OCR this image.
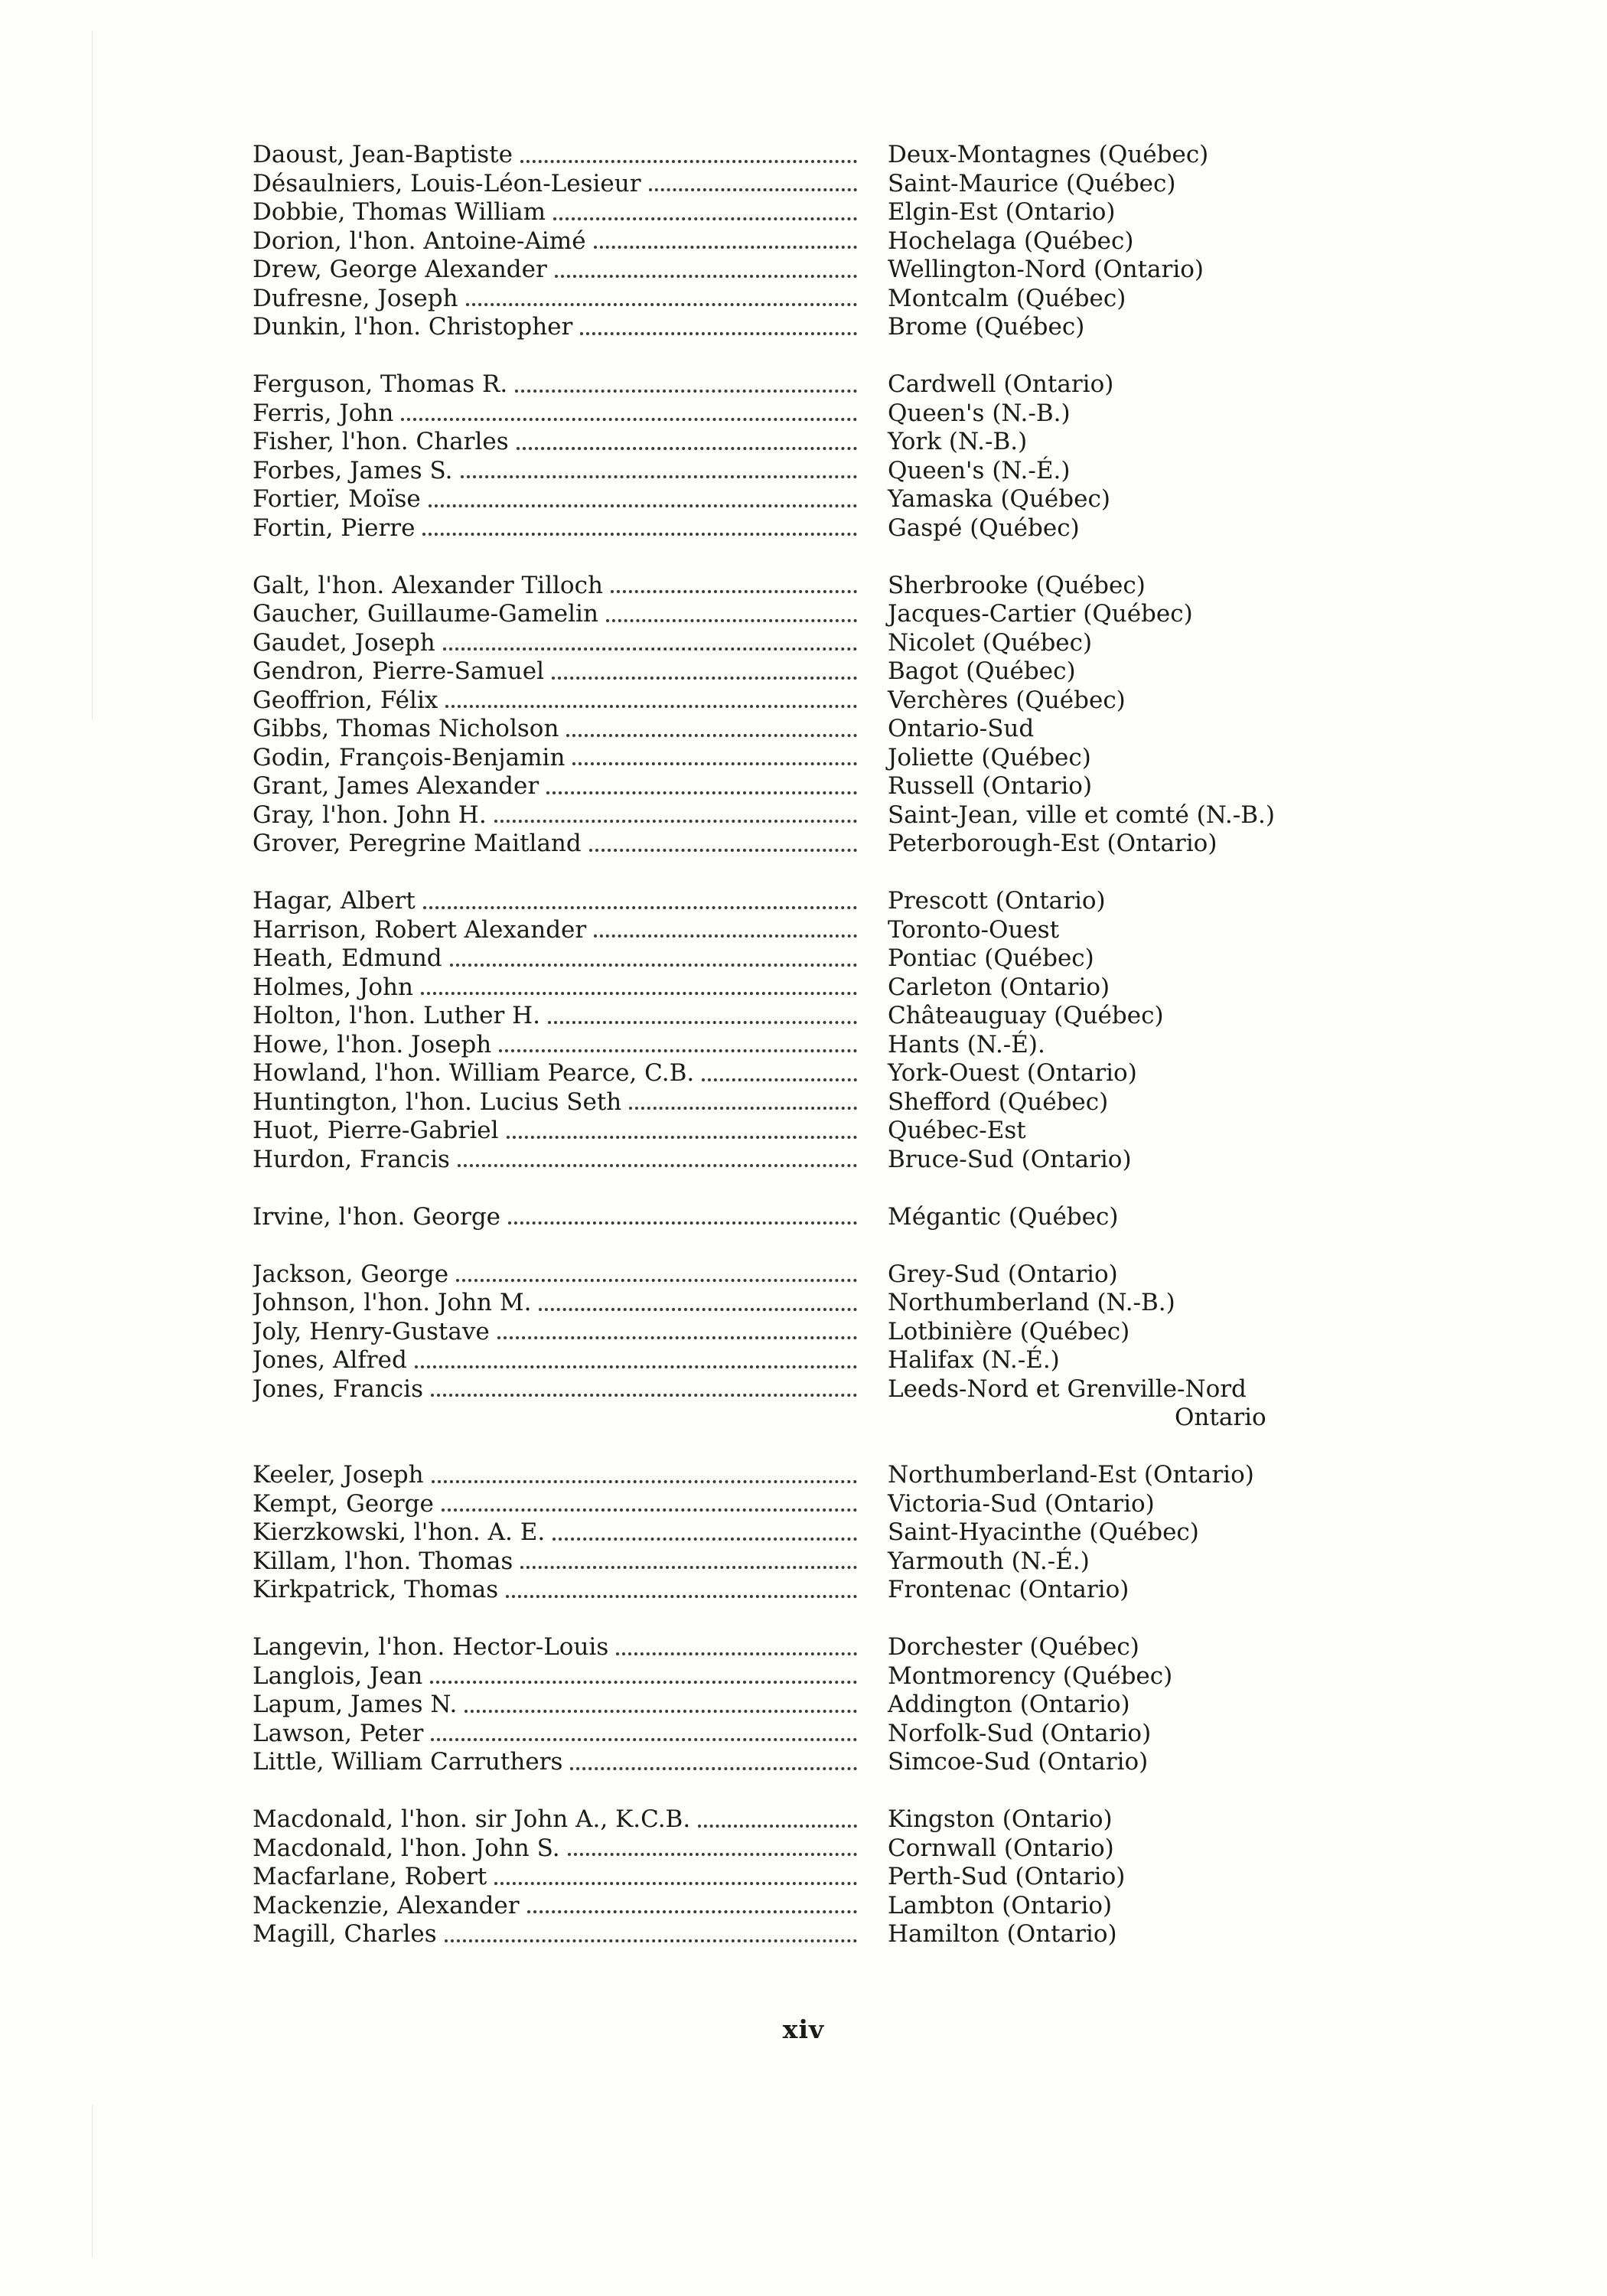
Daoust, Jean-Baptiste	Deux-Montagnes (Québec)
Désaulniers, Louis-Léon-Lesieur	Saint-Maurice (Québec)
Dobbie, Thomas William	Elgin-Est (Ontario)
Dorion, l'hon. Antoine-Aimé	Hochelaga (Québec)
Drew, George Alexander	Wellington-Nord (Ontario)
Dufresne, Joseph	Montcalm (Québec)
Dunkin, l'hon. Christopher	Brome (Québec)
Ferguson, Thomas R.	Cardwell (Ontario)
Ferris, John	Queen's (N.-B.)
Fisher, l'hon. Charles	York (N.-B.)
Forbes, James S.	Queen's (N.-É.)
Fortier, Moïse	Yamaska (Québec)
Fortin, Pierre	Gaspé (Québec)
Galt, l'hon. Alexander Tilloch	Sherbrooke (Québec)
Gaucher, Guillaume-Gamelin	Jacques-Cartier (Québec)
Gaudet, Joseph	Nicolet (Québec)
Gendron, Pierre-Samuel	Bagot (Québec)
Geoffrion, Félix	Verchères (Québec)
Gibbs, Thomas Nicholson	Ontario-Sud
Godin, François-Benjamin	Joliette (Québec)
Grant, James Alexander	Russell (Ontario)
Gray, l'hon. John H.	Saint-Jean, ville et comté (N.-B.)
Grover, Peregrine Maitland	Peterborough-Est (Ontario)
Hagar, Albert	Prescott (Ontario)
Harrison, Robert Alexander	Toronto-Ouest
Heath, Edmund	Pontiac (Québec)
Holmes, John	Carleton (Ontario)
Holton, l'hon. Luther H.	Châteauguay (Québec)
Howe, l'hon. Joseph	Hants (N.-É).
Howland, l'hon. William Pearce, C.B.	York-Ouest (Ontario)
Huntington, l'hon. Lucius Seth	Shefford (Québec)
Huot, Pierre-Gabriel	Québec-Est
Hurdon, Francis	Bruce-Sud (Ontario)
Irvine, l'hon. George	Mégantic (Québec)
Jackson, George	Grey-Sud (Ontario)
Johnson, l'hon. John M.	Northumberland (N.-B.)
Joly, Henry-Gustave	Lotbinière (Québec)
Jones, Alfred	Halifax (N.-É.)
Jones, Francis	Leeds-Nord et Grenville-Nord
Ontario
Keeler, Joseph	Northumberland-Est (Ontario)
Kempt, George	Victoria-Sud (Ontario)
Kierzkowski, l'hon. A. E.	Saint-Hyacinthe (Québec)
Killam, l'hon. Thomas	Yarmouth (N.-É.)
Kirkpatrick, Thomas	Frontenac (Ontario)
Langevin, l'hon. Hector-Louis	Dorchester (Québec)
Langlois, Jean	Montmorency (Québec)
Lapum, James N.	Addington (Ontario)
Lawson, Peter	Norfolk-Sud (Ontario)
Little, William Carruthers	Simcoe-Sud (Ontario)
Macdonald, l'hon. sir John A., K.C.B.	Kingston (Ontario)
Macdonald, l'hon. John S.	Cornwall (Ontario)
Macfarlane, Robert	Perth-Sud (Ontario)
Mackenzie, Alexander	Lambton (Ontario)
Magill, Charles	Hamilton (Ontario)
xiv
